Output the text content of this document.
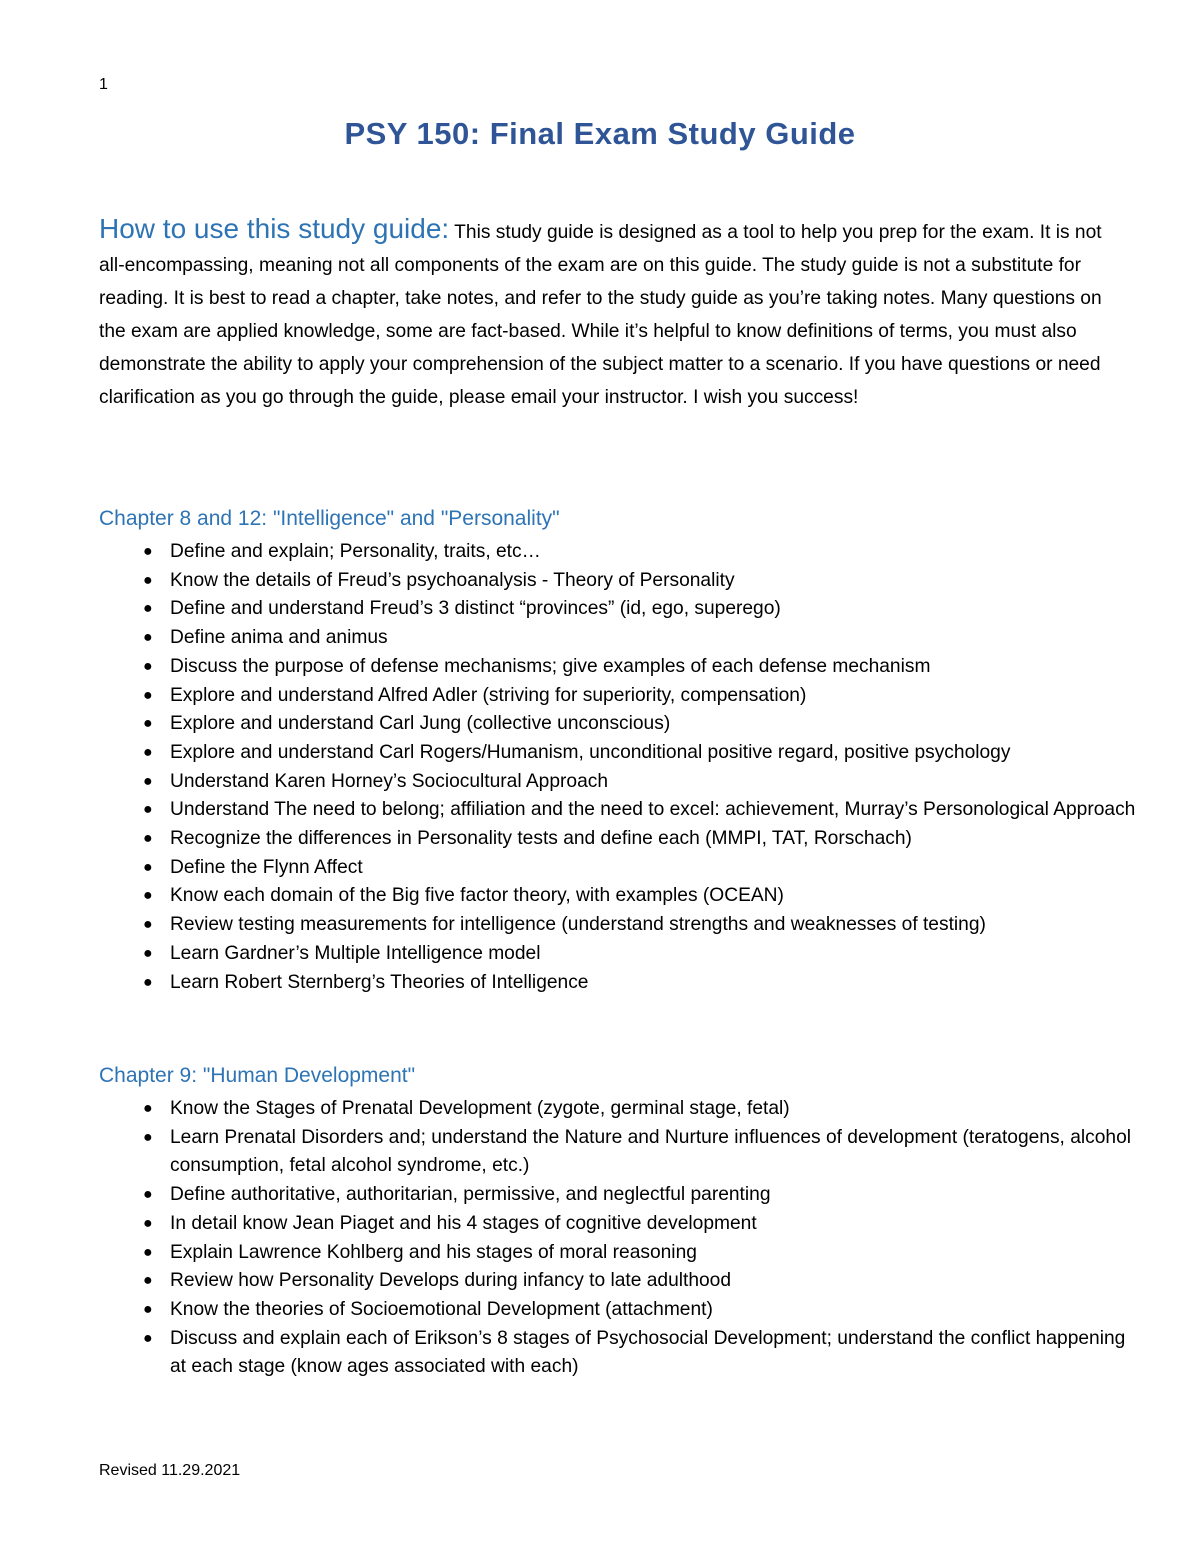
1
PSY 150: Final Exam Study Guide
How to use this study guide: This study guide is designed as a tool to help you prep for the exam. It is not all-encompassing, meaning not all components of the exam are on this guide. The study guide is not a substitute for reading. It is best to read a chapter, take notes, and refer to the study guide as you’re taking notes. Many questions on the exam are applied knowledge, some are fact-based. While it’s helpful to know definitions of terms, you must also demonstrate the ability to apply your comprehension of the subject matter to a scenario. If you have questions or need clarification as you go through the guide, please email your instructor. I wish you success!
Chapter 8 and 12: "Intelligence" and "Personality"
● Define and explain; Personality, traits, etc…
● Know the details of Freud’s psychoanalysis - Theory of Personality
● Define and understand Freud’s 3 distinct “provinces” (id, ego, superego)
● Define anima and animus
● Discuss the purpose of defense mechanisms; give examples of each defense mechanism
● Explore and understand Alfred Adler (striving for superiority, compensation)
● Explore and understand Carl Jung (collective unconscious)
● Explore and understand Carl Rogers/Humanism, unconditional positive regard, positive psychology
● Understand Karen Horney’s Sociocultural Approach
● Understand The need to belong; affiliation and the need to excel: achievement, Murray’s Personological Approach
● Recognize the differences in Personality tests and define each (MMPI, TAT, Rorschach)
● Define the Flynn Affect
● Know each domain of the Big five factor theory, with examples (OCEAN)
● Review testing measurements for intelligence (understand strengths and weaknesses of testing)
● Learn Gardner’s Multiple Intelligence model
● Learn Robert Sternberg’s Theories of Intelligence
Chapter 9: "Human Development"
● Know the Stages of Prenatal Development (zygote, germinal stage, fetal)
● Learn Prenatal Disorders and; understand the Nature and Nurture influences of development (teratogens, alcohol consumption, fetal alcohol syndrome, etc.)
● Define authoritative, authoritarian, permissive, and neglectful parenting
● In detail know Jean Piaget and his 4 stages of cognitive development
● Explain Lawrence Kohlberg and his stages of moral reasoning
● Review how Personality Develops during infancy to late adulthood
● Know the theories of Socioemotional Development (attachment)
● Discuss and explain each of Erikson’s 8 stages of Psychosocial Development; understand the conflict happening at each stage (know ages associated with each)
Revised 11.29.2021
